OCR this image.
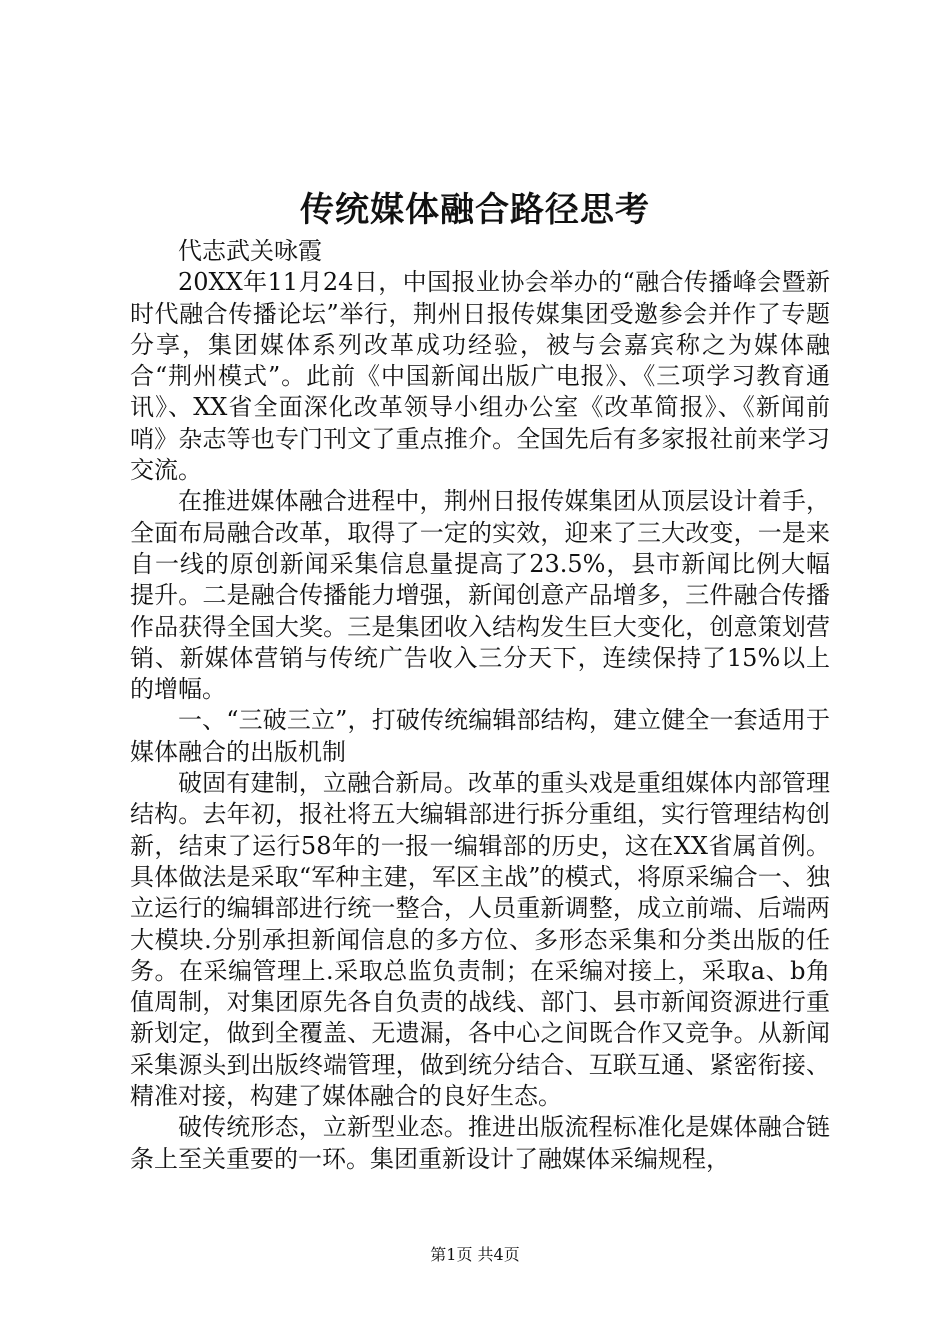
传统媒体融合路径思考

代志武关咏霞

20XX年11月24日，中国报业协会举办的“融合传播峰会暨新时代融合传播论坛”举行，荆州日报传媒集团受邀参会并作了专题分享，集团媒体系列改革成功经验，被与会嘉宾称之为媒体融合“荆州模式”。此前《中国新闻出版广电报》、《三项学习教育通讯》、XX省全面深化改革领导小组办公室《改革简报》、《新闻前哨》杂志等也专门刊文了重点推介。全国先后有多家报社前来学习交流。

在推进媒体融合进程中，荆州日报传媒集团从顶层设计着手，全面布局融合改革，取得了一定的实效，迎来了三大改变，一是来自一线的原创新闻采集信息量提高了23.5%，县市新闻比例大幅提升。二是融合传播能力增强，新闻创意产品增多，三件融合传播作品获得全国大奖。三是集团收入结构发生巨大变化，创意策划营销、新媒体营销与传统广告收入三分天下，连续保持了15%以上的增幅。

一、“三破三立”，打破传统编辑部结构，建立健全一套适用于媒体融合的出版机制

破固有建制，立融合新局。改革的重头戏是重组媒体内部管理结构。去年初，报社将五大编辑部进行拆分重组，实行管理结构创新，结束了运行58年的一报一编辑部的历史，这在XX省属首例。具体做法是采取“军种主建，军区主战”的模式，将原采编合一、独立运行的编辑部进行统一整合，人员重新调整，成立前端、后端两大模块.分别承担新闻信息的多方位、多形态采集和分类出版的任务。在采编管理上.采取总监负责制；在采编对接上，采取a、b角值周制，对集团原先各自负责的战线、部门、县市新闻资源进行重新划定，做到全覆盖、无遗漏，各中心之间既合作又竞争。从新闻采集源头到出版终端管理，做到统分结合、互联互通、紧密衔接、精准对接，构建了媒体融合的良好生态。

破传统形态，立新型业态。推进出版流程标准化是媒体融合链条上至关重要的一环。集团重新设计了融媒体采编规程，

第1页 共4页
